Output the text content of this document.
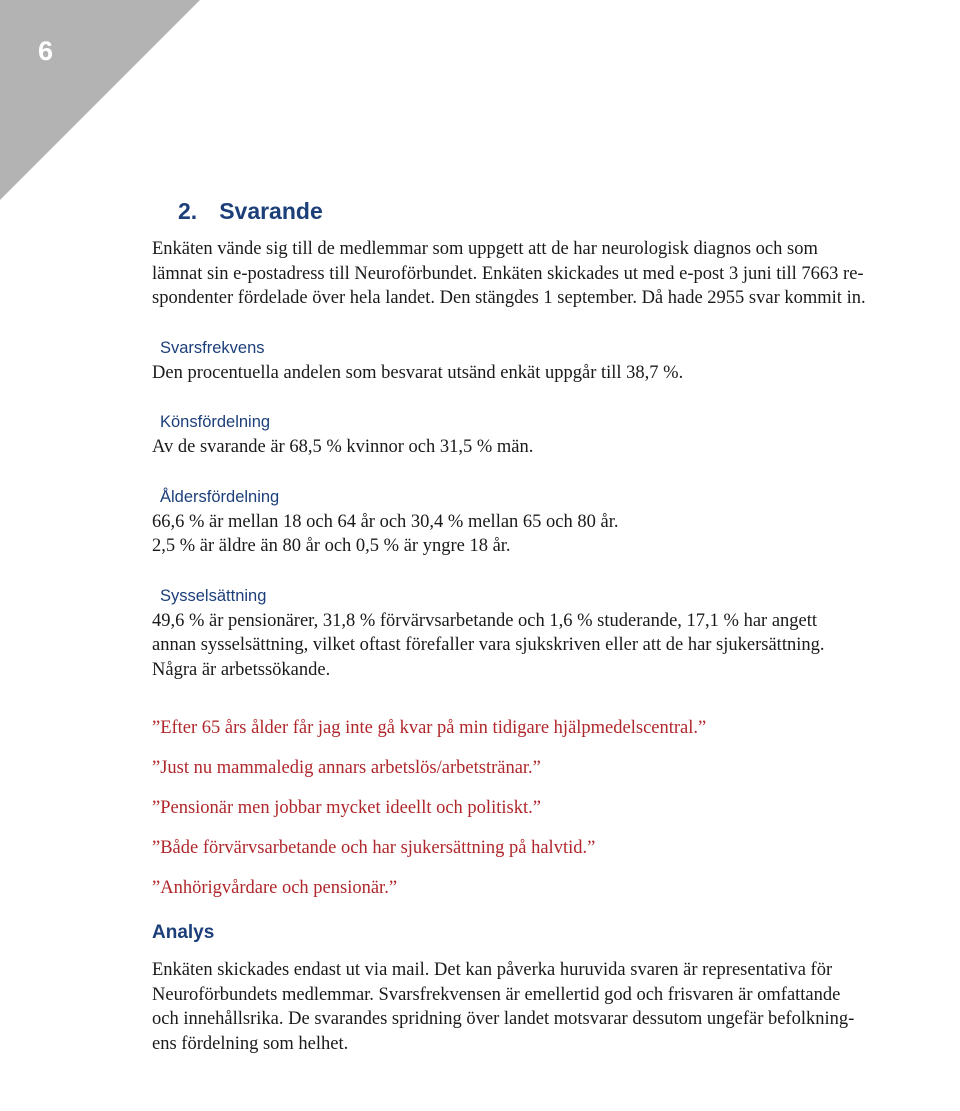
6
2. Svarande

Enkäten vände sig till de medlemmar som uppgett att de har neurologisk diagnos och som

lämnat sin e-postadress till Neuroförbundet. Enkäten skickades ut med e-post 3 juni till 7663 re-

spondenter fördelade över hela landet. Den stängdes 1 september. Då hade 2955 svar kommit in.

Svarsfrekvens

Den procentuella andelen som besvarat utsänd enkät uppgår till 38,7 %.

Könsfördelning

Av de svarande är 68,5 % kvinnor och 31,5 % män.

Åldersfördelning

66,6 % är mellan 18 och 64 år och 30,4 % mellan 65 och 80 år.

2,5 % är äldre än 80 år och 0,5 % är yngre 18 år.

Sysselsättning

49,6 % är pensionärer, 31,8 % förvärvsarbetande och 1,6 % studerande, 17,1 % har angett

annan sysselsättning, vilket oftast förefaller vara sjukskriven eller att de har sjukersättning.

Några är arbetssökande.

”Efter 65 års ålder får jag inte gå kvar på min tidigare hjälpmedelscentral.”
”Just nu mammaledig annars arbetslös/arbetstränar.”
”Pensionär men jobbar mycket ideellt och politiskt.”
”Både förvärvsarbetande och har sjukersättning på halvtid.”
”Anhörigvårdare och pensionär.”
Analys

Enkäten skickades endast ut via mail. Det kan påverka huruvida svaren är representativa för

Neuroförbundets medlemmar. Svarsfrekvensen är emellertid god och frisvaren är omfattande

och innehållsrika. De svarandes spridning över landet motsvarar dessutom ungefär befolkning-

ens fördelning som helhet.
